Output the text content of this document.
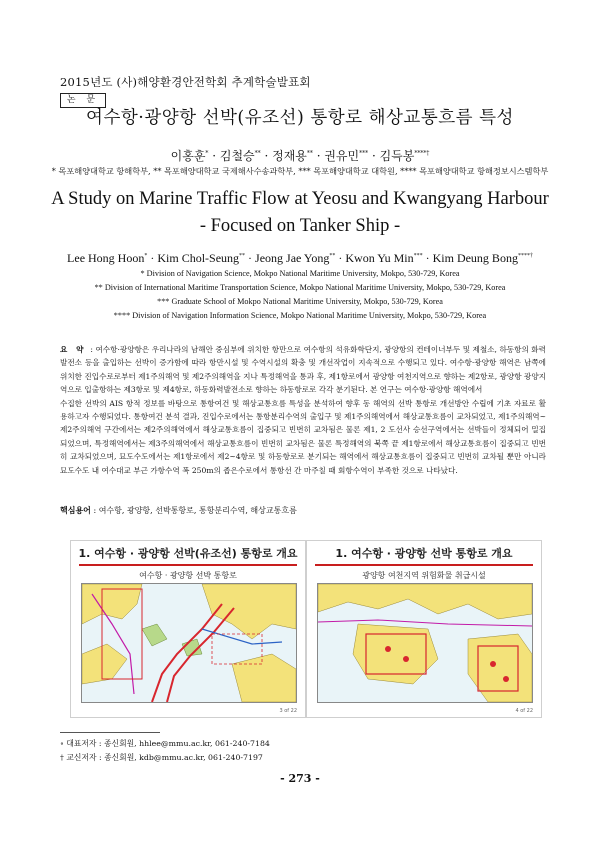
2015년도 (사)해양환경안전학회 추계학술발표회
논 문
여수항·광양항 선박(유조선) 통항로 해상교통흐름 특성
이홍훈* · 김철승** · 정재용** · 권유민*** · 김득봉****†
* 목포해양대학교 항해학부, ** 목포해양대학교 국제해사수송과학부, *** 목포해양대학교 대학원, **** 목포해양대학교 항해정보시스템학부
A Study on Marine Traffic Flow at Yeosu and Kwangyang Harbour
- Focused on Tanker Ship -
Lee Hong Hoon* · Kim Chol-Seung** · Jeong Jae Yong** · Kwon Yu Min*** · Kim Deung Bong****†
* Division of Navigation Science, Mokpo National Maritime University, Mokpo, 530-729, Korea
** Division of International Maritime Transportation Science, Mokpo National Maritime University, Mokpo, 530-729, Korea
*** Graduate School of Mokpo National Maritime University, Mokpo, 530-729, Korea
**** Division of Navigation Information Science, Mokpo National Maritime University, Mokpo, 530-729, Korea
요 약 : 여수항·광양항은 우리나라의 남해안 중심부에 위치한 항만으로 여수항의 석유화학단지, 광양항의 컨테이너부두 및 제철소, 하동항의 화력발전소 등을 출입하는 선박이 증가함에 따라 항만시설 및 수역시설의 확충 및 개선작업이 지속적으로 수행되고 있다. 여수항·광양항 해역은 남쪽에 위치한 진입수로로부터 제1주의해역 및 제2주의해역을 지나 특정해역을 통과 후, 제1항로에서 광양항 여천지역으로 향하는 제2항로, 광양항 광양지역으로 입출항하는 제3항로 및 제4항로, 하동화력발전소로 향하는 하동항로로 각각 분기된다. 본 연구는 여수항·광양항 해역에서
수집한 선박의 AIS 항적 정보를 바탕으로 통항여건 및 해상교통흐름 특성을 분석하여 향후 동 해역의 선박 통항로 개선방안 수립에 기초 자료로 활용하고자 수행되었다. 통항여건 분석 결과, 진입수로에서는 통항분리수역의 출입구 및 제1주의해역에서 해상교통흐름이 교차되었고, 제1주의해역~제2주의해역 구간에서는 제2주의해역에서 해상교통흐름이 집중되고 빈번히 교차됨은 물론 제1, 2 도선사 승선구역에서는 선박들이 정체되어 밀집되었으며, 특정해역에서는 제3주의해역에서 해상교통흐름이 빈번히 교차됨은 물론 특정해역의 북쪽 끝 제1항로에서 해상교통흐름이 집중되고 빈번히 교차되었으며, 묘도수도에서는 제1항로에서 제2~4항로 및 하동항로로 분기되는 해역에서 해상교통흐름이 집중되고 빈번히 교차될 뿐만 아니라 묘도수도 내 여수대교 부근 가항수역 폭 250m의 좁은수로에서 통항선 간 마주칠 때 회항수역이 부족한 것으로 나타났다.
핵심용어 : 여수항, 광양항, 선박통항로, 통항분리수역, 해상교통흐름
1. 여수항 · 광양항 선박(유조선) 통항로 개요
여수항 · 광양항 선박 통항로
3 of 22
1. 여수항 · 광양항 선박 통항로 개요
광양항 여천지역 위험화물 취급시설
4 of 22
∘ 대표저자 : 종신회원, hhlee@mmu.ac.kr, 061-240-7184
† 교신저자 : 종신회원, kdb@mmu.ac.kr, 061-240-7197
- 273 -
